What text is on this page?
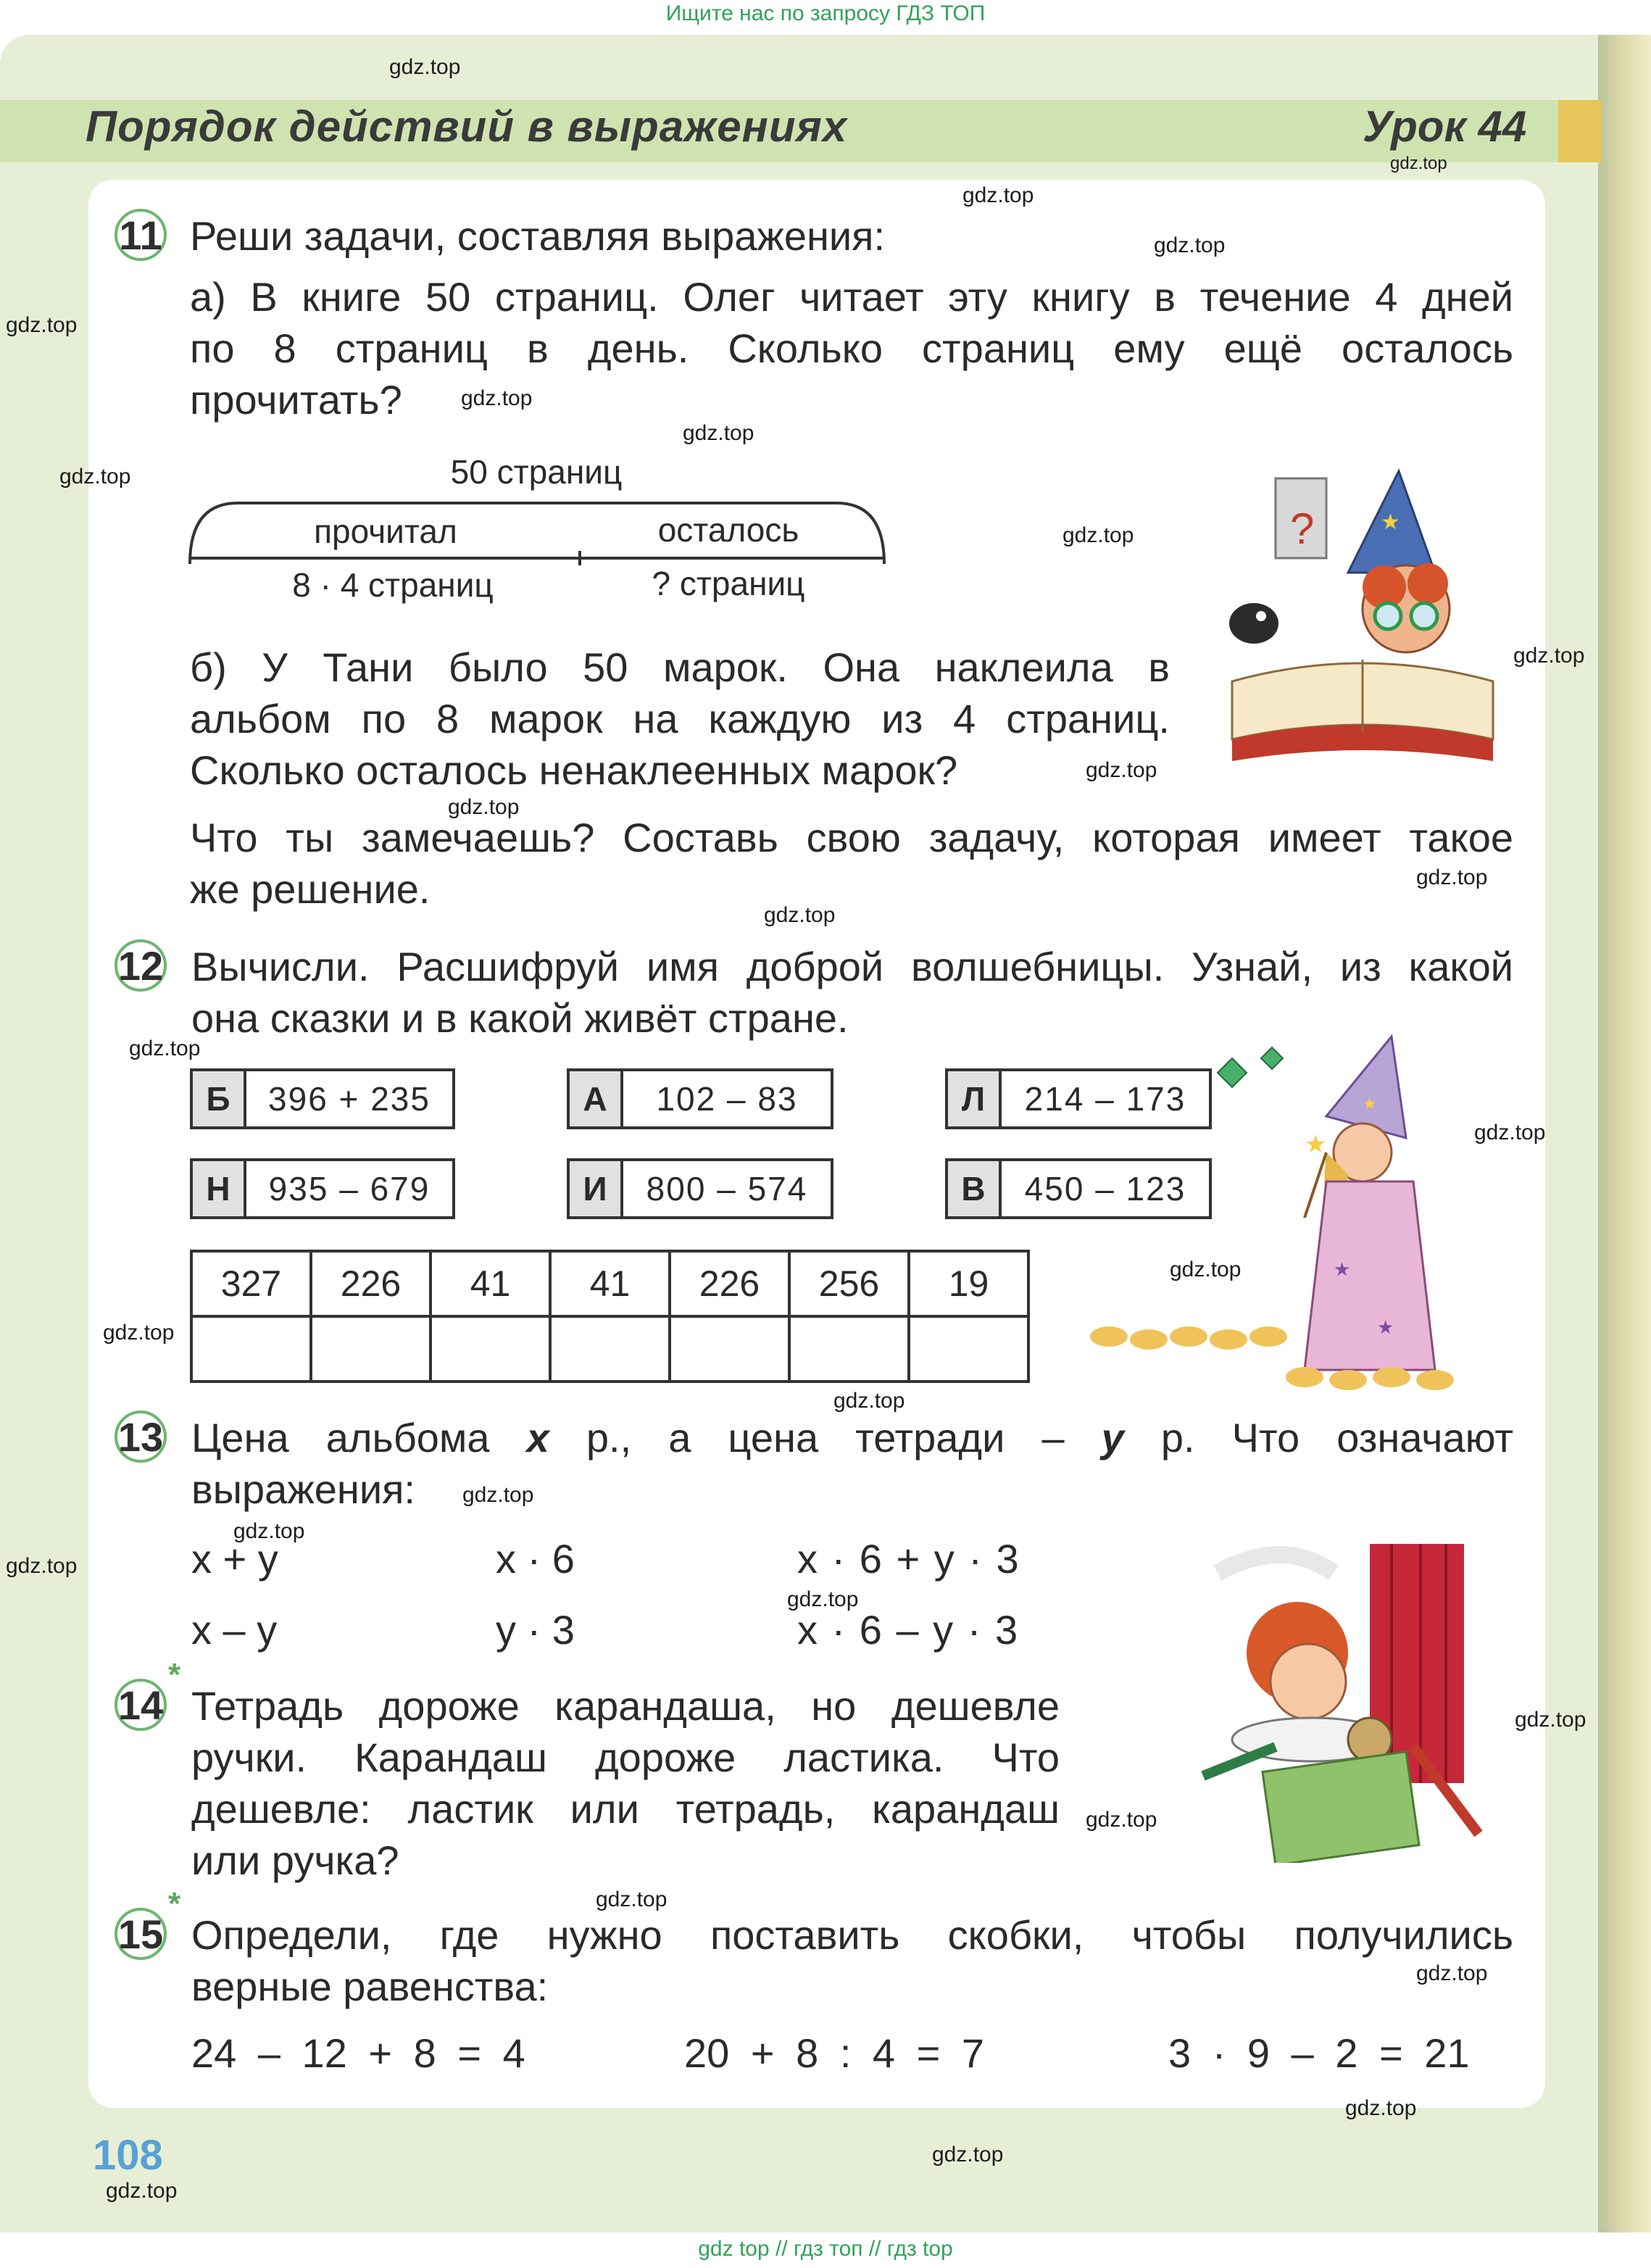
Ищите нас по запросу ГДЗ ТОП
Порядок действий в выражениях	Урок 44
gdz.top
gdz.top
gdz.top
gdz.top
gdz.top
gdz.top
gdz.top
gdz.top
gdz.top
gdz.top
gdz.top
gdz.top
gdz.top
gdz.top
gdz.top
gdz.top
gdz.top
gdz.top
gdz.top
gdz.top
gdz.top
gdz.top
gdz.top
gdz.top
gdz.top
gdz.top
gdz.top
gdz.top
gdz.top
gdz.top
11 Реши задачи, составляя выражения:
а) В книге 50 страниц. Олег читает эту книгу в течение 4 дней
по 8 страниц в день. Сколько страниц ему ещё осталось
прочитать?
50 страниц
прочитал	осталось
8 · 4 страниц	? страниц
?	★
б) У Тани было 50 марок. Она наклеила в
альбом по 8 марок на каждую из 4 страниц.
Сколько осталось ненаклеенных марок?
Что ты замечаешь? Составь свою задачу, которая имеет такое
же решение.
12 Вычисли. Расшифруй имя доброй волшебницы. Узнай, из какой
она сказки и в какой живёт стране.
Б	396 + 235	А	102 – 83	Л	214 – 173
Н	935 – 679	И	800 – 574	В	450 – 123
327	226	41	41	226	256	19

★
★
★
★
13 Цена альбома x р., а цена тетради – y р. Что означают
выражения:
x + y	x · 6	x · 6 + y · 3
x – y	y · 3	x · 6 – y · 3
*
14 Тетрадь дороже карандаша, но дешевле
ручки. Карандаш дороже ластика. Что
дешевле: ластик или тетрадь, карандаш
или ручка?
*
15 Определи, где нужно поставить скобки, чтобы получились
верные равенства:
24 – 12 + 8 = 4	20 + 8 : 4 = 7	3 · 9 – 2 = 21
108
gdz top // гдз топ // гдз top
